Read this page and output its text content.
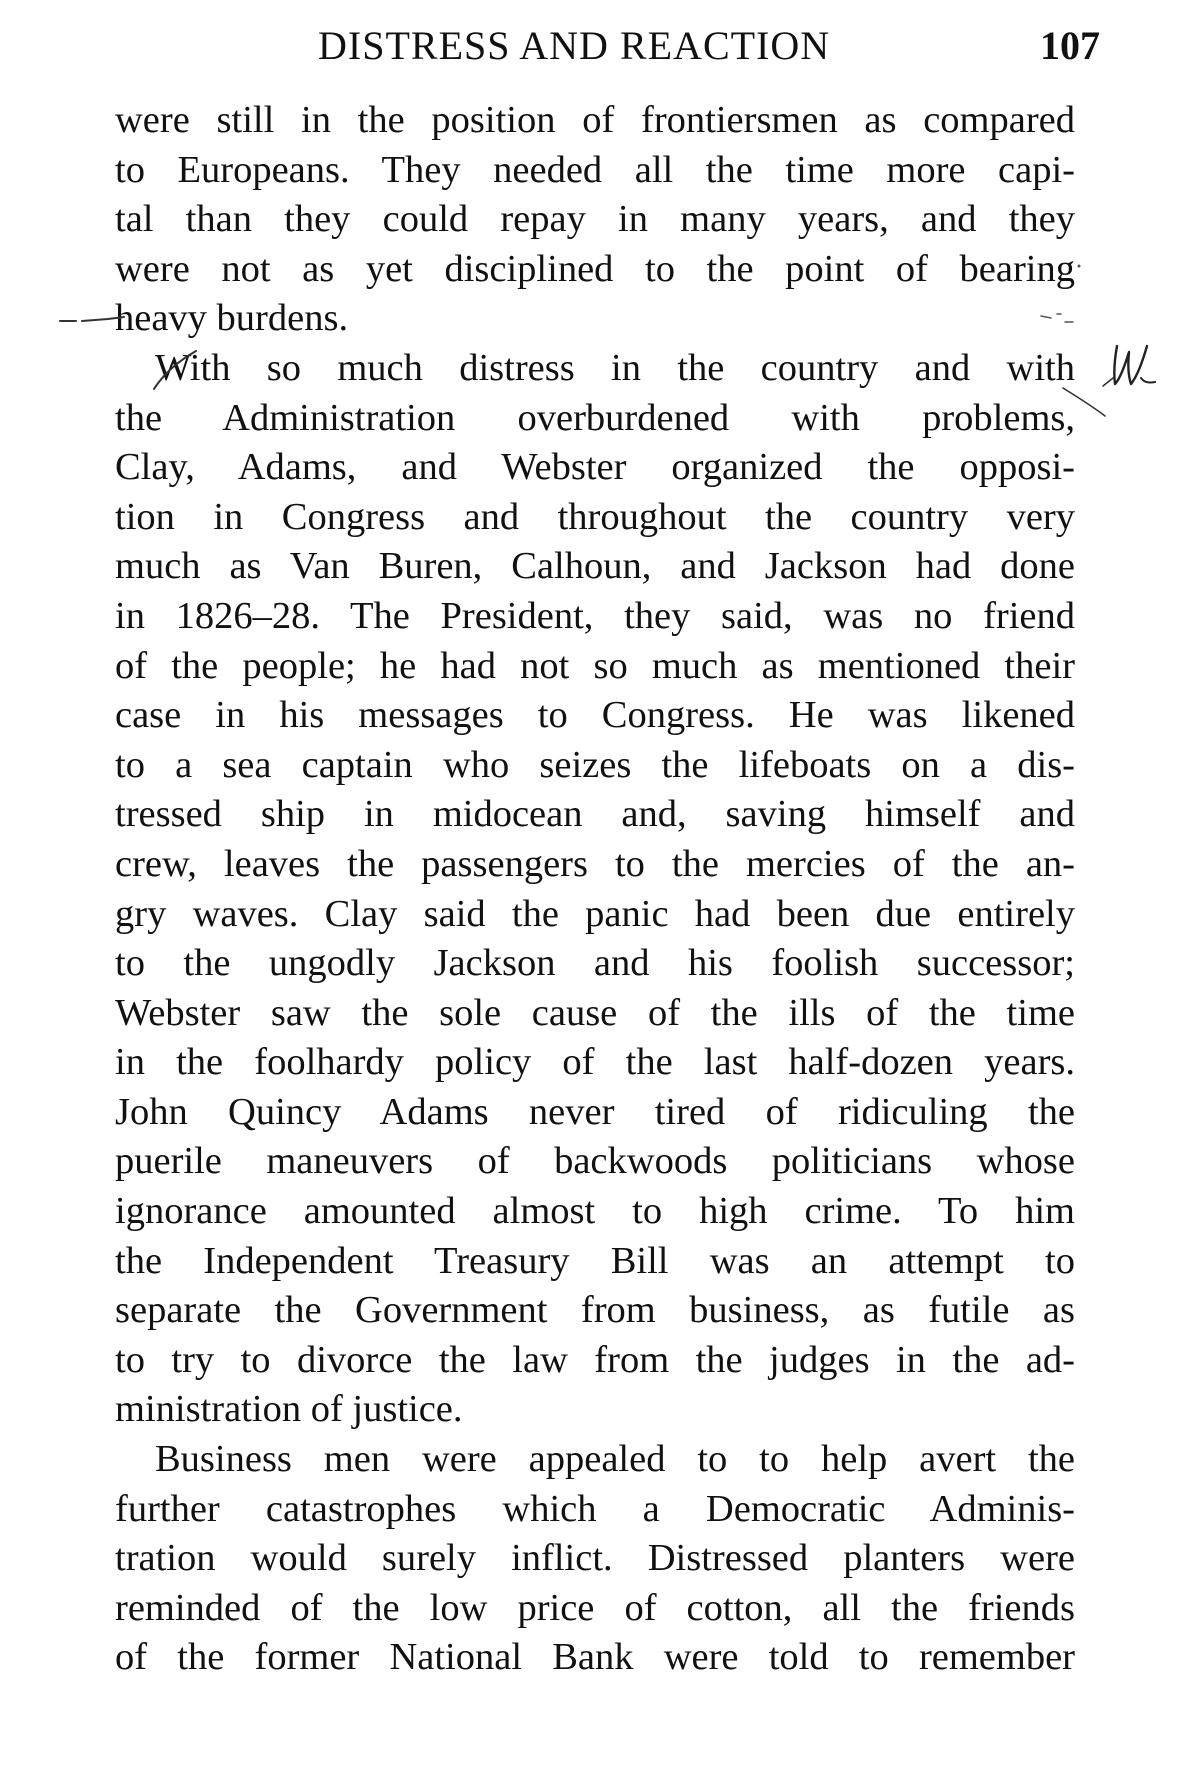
DISTRESS AND REACTION	107
were still in the position of frontiersmen as compared
to Europeans. They needed all the time more capi-
tal than they could repay in many years, and they
were not as yet disciplined to the point of bearing
heavy burdens.
With so much distress in the country and with
the Administration overburdened with problems,
Clay, Adams, and Webster organized the opposi-
tion in Congress and throughout the country very
much as Van Buren, Calhoun, and Jackson had done
in 1826–28. The President, they said, was no friend
of the people; he had not so much as mentioned their
case in his messages to Congress. He was likened
to a sea captain who seizes the lifeboats on a dis-
tressed ship in midocean and, saving himself and
crew, leaves the passengers to the mercies of the an-
gry waves. Clay said the panic had been due entirely
to the ungodly Jackson and his foolish successor;
Webster saw the sole cause of the ills of the time
in the foolhardy policy of the last half-dozen years.
John Quincy Adams never tired of ridiculing the
puerile maneuvers of backwoods politicians whose
ignorance amounted almost to high crime. To him
the Independent Treasury Bill was an attempt to
separate the Government from business, as futile as
to try to divorce the law from the judges in the ad-
ministration of justice.
Business men were appealed to to help avert the
further catastrophes which a Democratic Adminis-
tration would surely inflict. Distressed planters were
reminded of the low price of cotton, all the friends
of the former National Bank were told to remember
